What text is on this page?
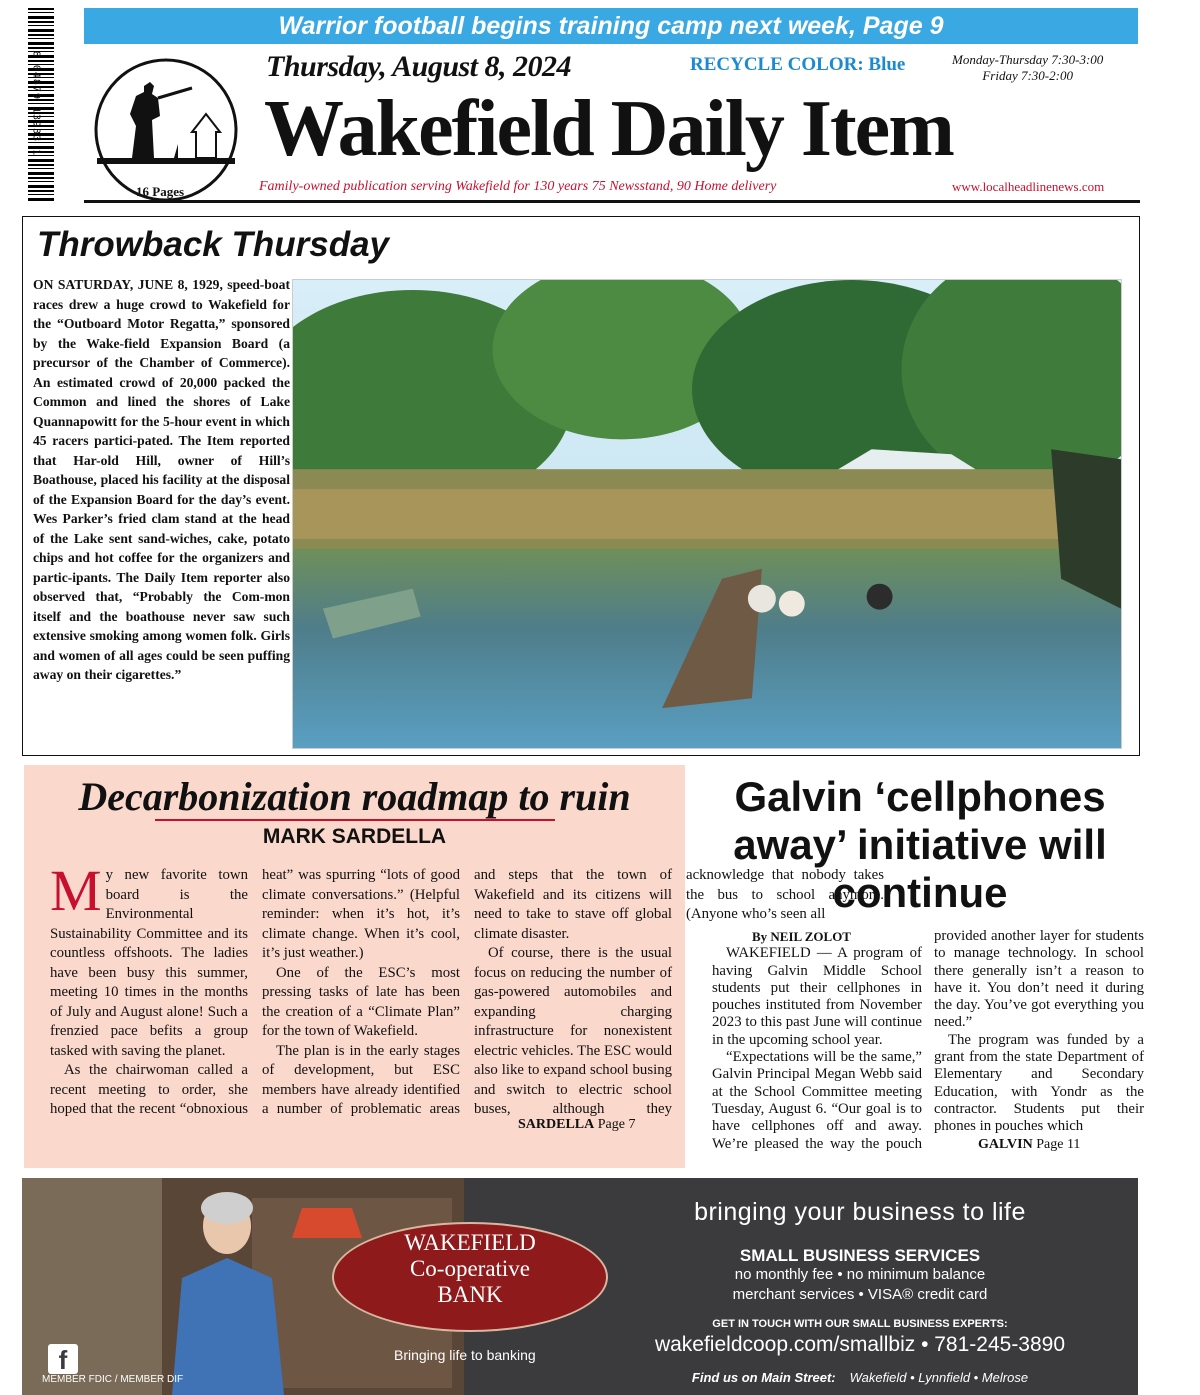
8 04879 13933 1
Warrior football begins training camp next week, Page 9
16 Pages
Thursday, August 8, 2024	RECYCLE COLOR: Blue	Monday-Thursday 7:30-3:00
Friday 7:30-2:00
Wakefield Daily Item
Family-owned publication serving Wakefield for 130 years 75 Newsstand, 90 Home delivery	www.localheadlinenews.com
Throwback Thursday
ON SATURDAY, JUNE 8, 1929, speed-boat races drew a huge crowd to Wakefield for the “Outboard Motor Regatta,” sponsored by the Wake-field Expansion Board (a precursor of the Chamber of Commerce). An estimated crowd of 20,000 packed the Common and lined the shores of Lake Quannapowitt for the 5-hour event in which 45 racers partici-pated. The Item reported that Har-old Hill, owner of Hill’s Boathouse, placed his facility at the disposal of the Expansion Board for the day’s event. Wes Parker’s fried clam stand at the head of the Lake sent sand-wiches, cake, potato chips and hot coffee for the organizers and partic-ipants. The Daily Item reporter also observed that, “Probably the Com-mon itself and the boathouse never saw such extensive smoking among women folk. Girls and women of all ages could be seen puffing away on their cigarettes.”
Decarbonization roadmap to ruin
MARK SARDELLA

My new favorite town board is the Environmental Sustainability Committee and its countless offshoots. The ladies have been busy this summer, meeting 10 times in the months of July and August alone! Such a frenzied pace befits a group tasked with saving the planet.

As the chairwoman called a recent meeting to order, she hoped that the recent “obnoxious heat” was spurring “lots of good climate conversations.” (Helpful reminder: when it’s hot, it’s climate change. When it’s cool, it’s just weather.)

One of the ESC’s most pressing tasks of late has been the creation of a “Climate Plan” for the town of Wakefield.

The plan is in the early stages of development, but ESC members have already identified a number of problematic areas and steps that the town of Wakefield and its citizens will need to take to stave off global climate disaster.

Of course, there is the usual focus on reducing the number of gas-powered automobiles and expanding charging infrastructure for nonexistent electric vehicles. The ESC would also like to expand school busing and switch to electric school buses, although they acknowledge that nobody takes the bus to school anymore. (Anyone who’s seen all

SARDELLA Page 7
Galvin ‘cellphones away’ initiative will continue

By NEIL ZOLOT

WAKEFIELD — A program of having Galvin Middle School students put their cellphones in pouches instituted from November 2023 to this past June will continue in the upcoming school year.

“Expectations will be the same,” Galvin Principal Megan Webb said at the School Committee meeting Tuesday, August 6. “Our goal is to have cellphones off and away. We’re pleased the way the pouch provided another layer for students to manage technology. In school there generally isn’t a reason to have it. You don’t need it during the day. You’ve got everything you need.”

The program was funded by a grant from the state Department of Elementary and Secondary Education, with Yondr as the contractor. Students put their phones in pouches which

GALVIN Page 11
WAKEFIELD
Co-operative
BANK
Bringing life to banking
f
MEMBER FDIC / MEMBER DIF
bringing your business to life
SMALL BUSINESS SERVICES
no monthly fee • no minimum balance
merchant services • VISA® credit card
GET IN TOUCH WITH OUR SMALL BUSINESS EXPERTS:
wakefieldcoop.com/smallbiz • 781-245-3890
Find us on Main Street: Wakefield • Lynnfield • Melrose
